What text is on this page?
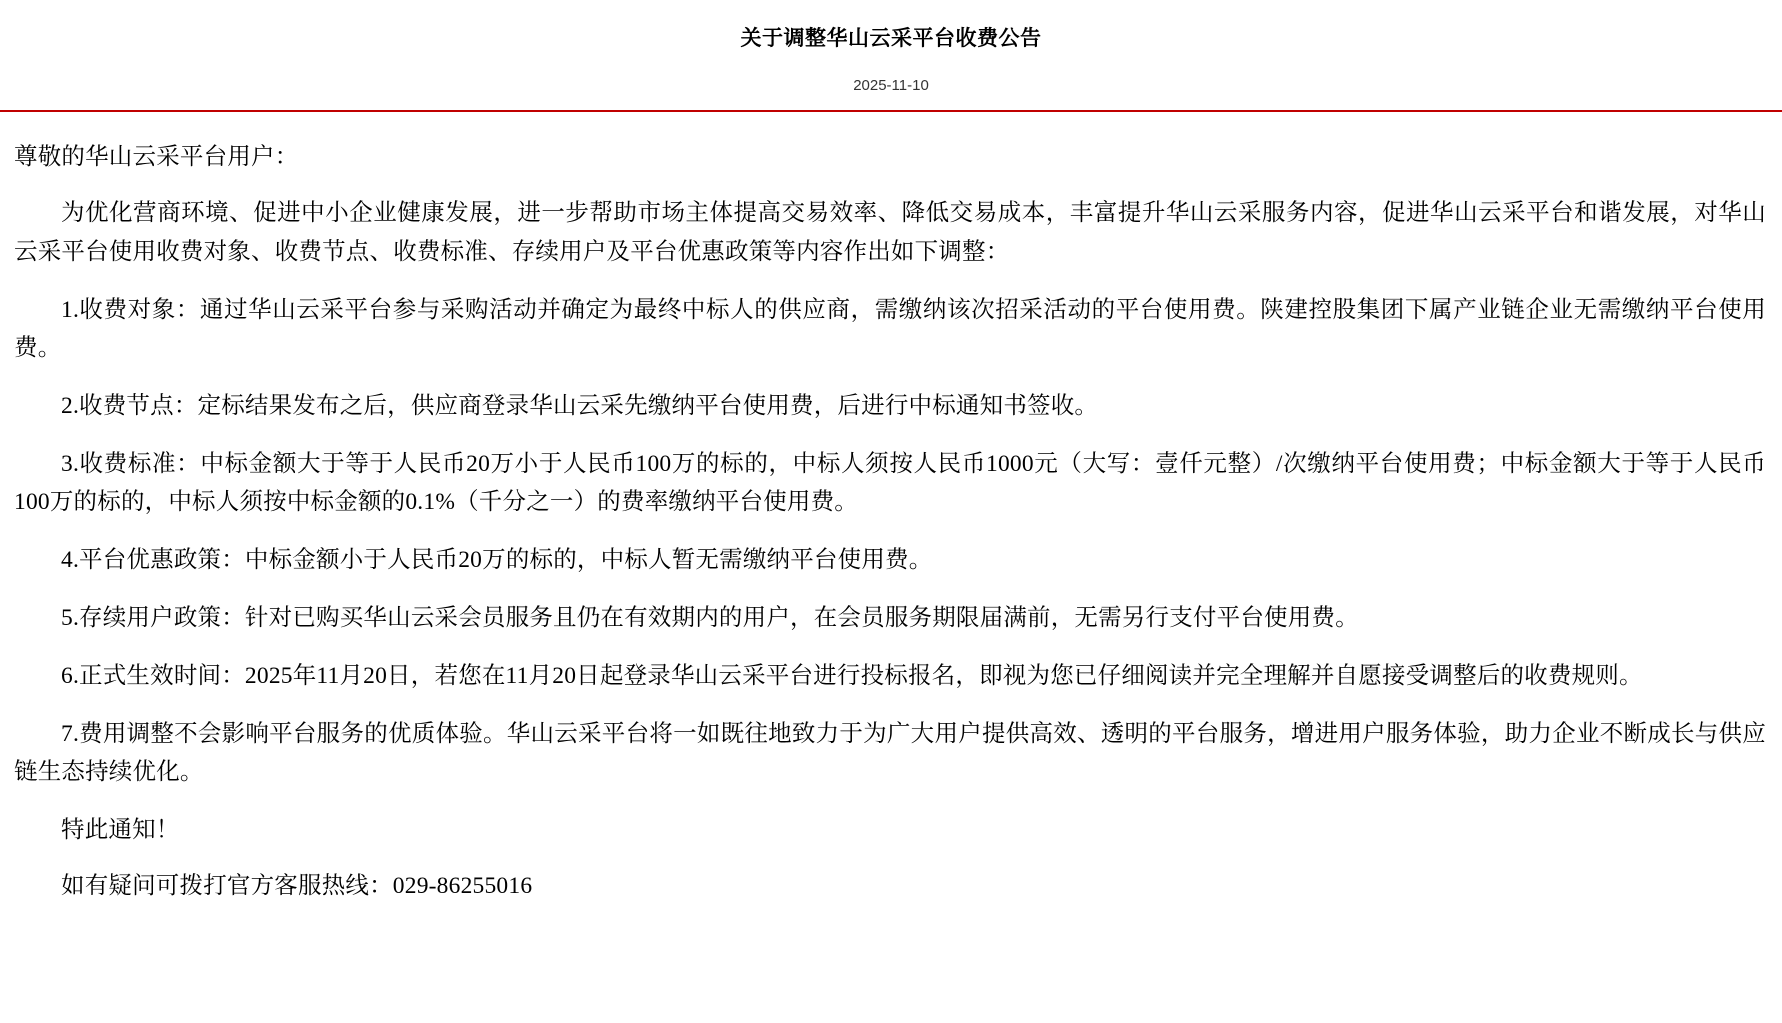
关于调整华山云采平台收费公告
2025-11-10

尊敬的华山云采平台用户：

为优化营商环境、促进中小企业健康发展，进一步帮助市场主体提高交易效率、降低交易成本，丰富提升华山云采服务内容，促进华山云采平台和谐发展，对华山云采平台使用收费对象、收费节点、收费标准、存续用户及平台优惠政策等内容作出如下调整：

1.收费对象：通过华山云采平台参与采购活动并确定为最终中标人的供应商，需缴纳该次招采活动的平台使用费。陕建控股集团下属产业链企业无需缴纳平台使用费。

2.收费节点：定标结果发布之后，供应商登录华山云采先缴纳平台使用费，后进行中标通知书签收。

3.收费标准：中标金额大于等于人民币20万小于人民币100万的标的，中标人须按人民币1000元（大写：壹仟元整）/次缴纳平台使用费；中标金额大于等于人民币100万的标的，中标人须按中标金额的0.1%（千分之一）的费率缴纳平台使用费。

4.平台优惠政策：中标金额小于人民币20万的标的，中标人暂无需缴纳平台使用费。

5.存续用户政策：针对已购买华山云采会员服务且仍在有效期内的用户，在会员服务期限届满前，无需另行支付平台使用费。

6.正式生效时间：2025年11月20日，若您在11月20日起登录华山云采平台进行投标报名，即视为您已仔细阅读并完全理解并自愿接受调整后的收费规则。

7.费用调整不会影响平台服务的优质体验。华山云采平台将一如既往地致力于为广大用户提供高效、透明的平台服务，增进用户服务体验，助力企业不断成长与供应链生态持续优化。

特此通知！

如有疑问可拨打官方客服热线：029-86255016
